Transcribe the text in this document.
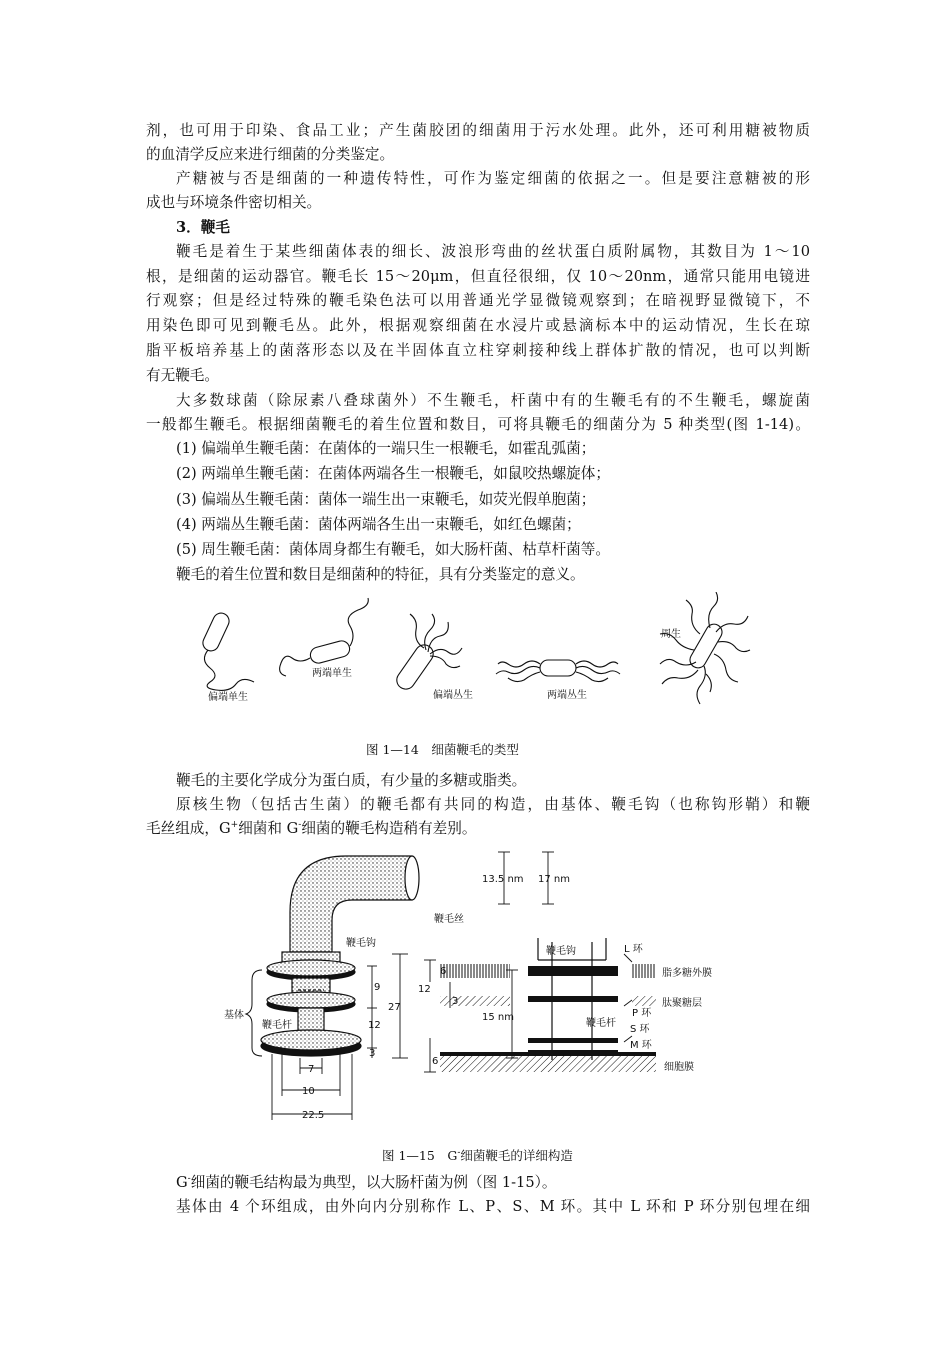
剂，也可用于印染、食品工业；产生菌胶团的细菌用于污水处理。此外，还可利用糖被物质
的血清学反应来进行细菌的分类鉴定。
产糖被与否是细菌的一种遗传特性，可作为鉴定细菌的依据之一。但是要注意糖被的形
成也与环境条件密切相关。
3．鞭毛
鞭毛是着生于某些细菌体表的细长、波浪形弯曲的丝状蛋白质附属物，其数目为 1～10
根，是细菌的运动器官。鞭毛长 15～20μm，但直径很细，仅 10～20nm，通常只能用电镜进
行观察；但是经过特殊的鞭毛染色法可以用普通光学显微镜观察到；在暗视野显微镜下，不
用染色即可见到鞭毛丛。此外，根据观察细菌在水浸片或悬滴标本中的运动情况，生长在琼
脂平板培养基上的菌落形态以及在半固体直立柱穿刺接种线上群体扩散的情况，也可以判断
有无鞭毛。
大多数球菌（除尿素八叠球菌外）不生鞭毛，杆菌中有的生鞭毛有的不生鞭毛，螺旋菌
一般都生鞭毛。根据细菌鞭毛的着生位置和数目，可将具鞭毛的细菌分为 5 种类型(图 1-14)。
(1) 偏端单生鞭毛菌：在菌体的一端只生一根鞭毛，如霍乱弧菌；
(2) 两端单生鞭毛菌：在菌体两端各生一根鞭毛，如鼠咬热螺旋体；
(3) 偏端丛生鞭毛菌：菌体一端生出一束鞭毛，如荧光假单胞菌；
(4) 两端丛生鞭毛菌：菌体两端各生出一束鞭毛，如红色螺菌；
(5) 周生鞭毛菌：菌体周身都生有鞭毛，如大肠杆菌、枯草杆菌等。
鞭毛的着生位置和数目是细菌种的特征，具有分类鉴定的意义。
偏端单生
两端单生
偏端丛生	两端丛生
周生
图 1—14　细菌鞭毛的类型
鞭毛的主要化学成分为蛋白质，有少量的多糖或脂类。
原核生物（包括古生菌）的鞭毛都有共同的构造，由基体、鞭毛钩（也称钩形鞘）和鞭
毛丝组成，G+细菌和 G-细菌的鞭毛构造稍有差别。
鞭毛丝
鞭毛钩
基体
鞭毛杆
9
27
12
3
7
10
22.5
13.5 nm 17 nm
鞭毛钩	L 环
脂多糖外膜
肽聚糖层
P 环
鞭毛杆
S 环
M 环
细胞膜
6
12
3
15 nm
6
图 1—15　G-细菌鞭毛的详细构造
G-细菌的鞭毛结构最为典型，以大肠杆菌为例（图 1-15）。
基体由 4 个环组成，由外向内分别称作 L、P、S、M 环。其中 L 环和 P 环分别包埋在细
